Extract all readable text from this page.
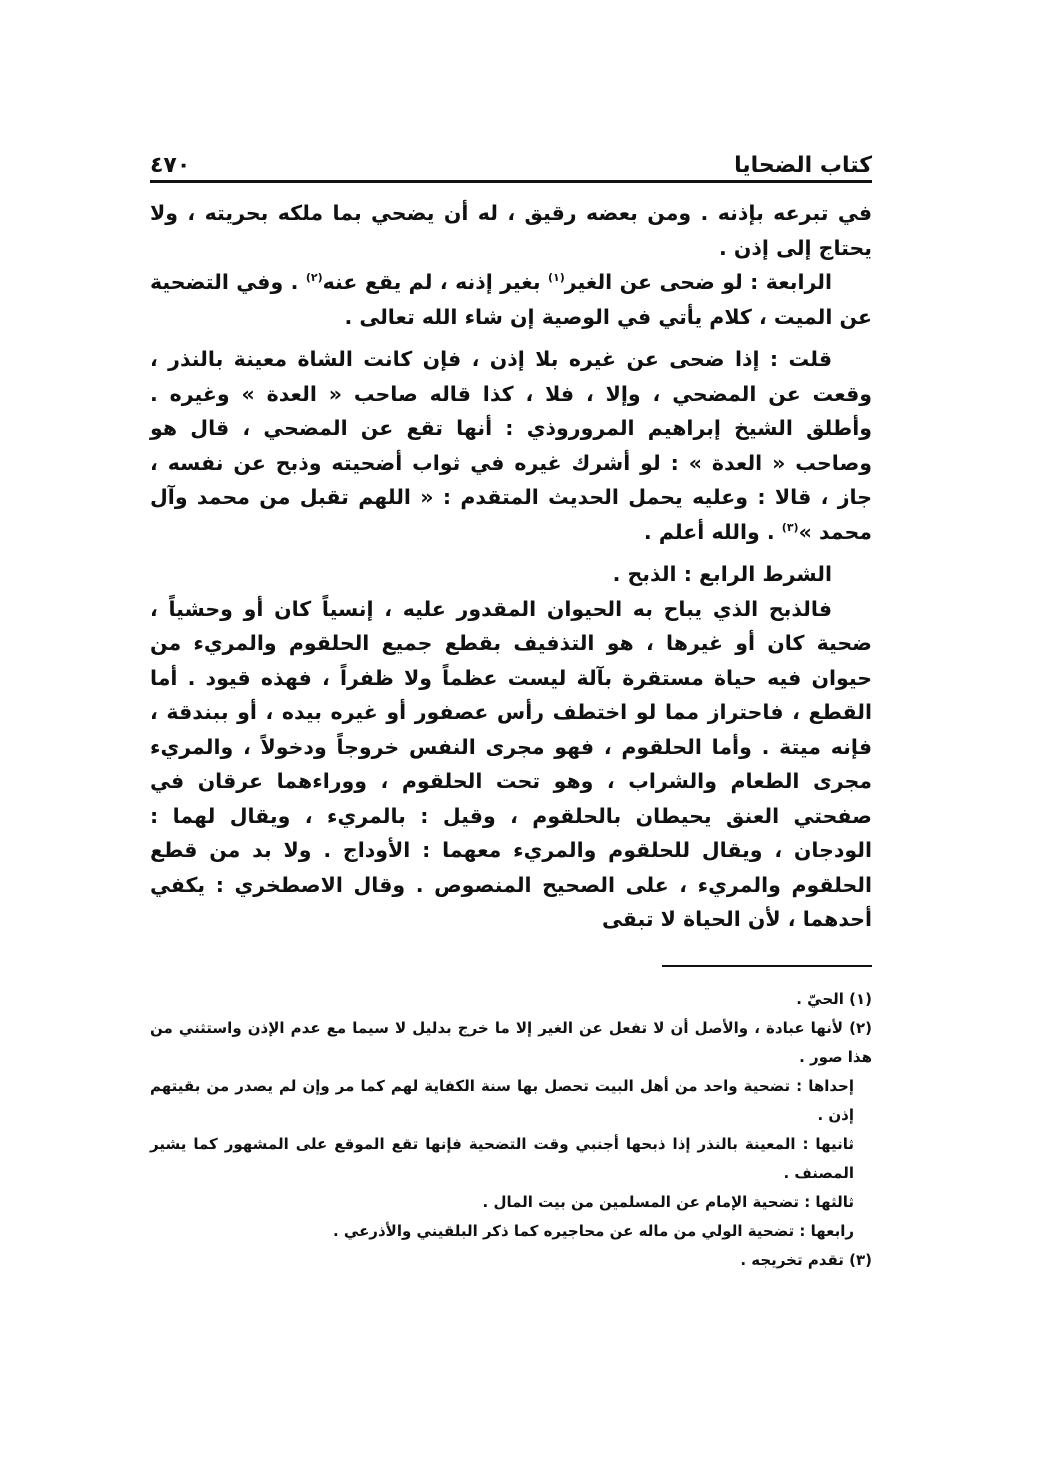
كتاب الضحايا
٤٧٠

في تبرعه بإذنه . ومن بعضه رقيق ، له أن يضحي بما ملكه بحريته ، ولا يحتاج إلى إذن .

الرابعة : لو ضحى عن الغير$^{(١)}$ بغير إذنه ، لم يقع عنه$^{(٢)}$ . وفي التضحية عن الميت ، كلام يأتي في الوصية إن شاء الله تعالى .

قلت : إذا ضحى عن غيره بلا إذن ، فإن كانت الشاة معينة بالنذر ، وقعت عن المضحي ، وإلا ، فلا ، كذا قاله صاحب « العدة » وغيره . وأطلق الشيخ إبراهيم المروروذي : أنها تقع عن المضحي ، قال هو وصاحب « العدة » : لو أشرك غيره في ثواب أضحيته وذبح عن نفسه ، جاز ، قالا : وعليه يحمل الحديث المتقدم : « اللهم تقبل من محمد وآل محمد »$^{(٣)}$ . والله أعلم .

الشرط الرابع : الذبح .

فالذبح الذي يباح به الحيوان المقدور عليه ، إنسياً كان أو وحشياً ، ضحية كان أو غيرها ، هو التذفيف بقطع جميع الحلقوم والمريء من حيوان فيه حياة مستقرة بآلة ليست عظماً ولا ظفراً ، فهذه قيود . أما القطع ، فاحتراز مما لو اختطف رأس عصفور أو غيره بيده ، أو ببندقة ، فإنه ميتة . وأما الحلقوم ، فهو مجرى النفس خروجاً ودخولاً ، والمريء مجرى الطعام والشراب ، وهو تحت الحلقوم ، ووراءهما عرقان في صفحتي العنق يحيطان بالحلقوم ، وقيل : بالمريء ، ويقال لهما : الودجان ، ويقال للحلقوم والمريء معهما : الأوداج . ولا بد من قطع الحلقوم والمريء ، على الصحيح المنصوص . وقال الاصطخري : يكفي أحدهما ، لأن الحياة لا تبقى

(١) الحيّ .

(٢) لأنها عبادة ، والأصل أن لا تفعل عن الغير إلا ما خرج بدليل لا سيما مع عدم الإذن واستثني من هذا صور .

إحداها : تضحية واحد من أهل البيت تحصل بها سنة الكفاية لهم كما مر وإن لم يصدر من بقيتهم إذن .

ثانيها : المعينة بالنذر إذا ذبحها أجنبي وقت التضحية فإنها تقع الموقع على المشهور كما يشير المصنف .

ثالثها : تضحية الإمام عن المسلمين من بيت المال .

رابعها : تضحية الولي من ماله عن محاجيره كما ذكر البلقيني والأذرعي .

(٣) تقدم تخريجه .
